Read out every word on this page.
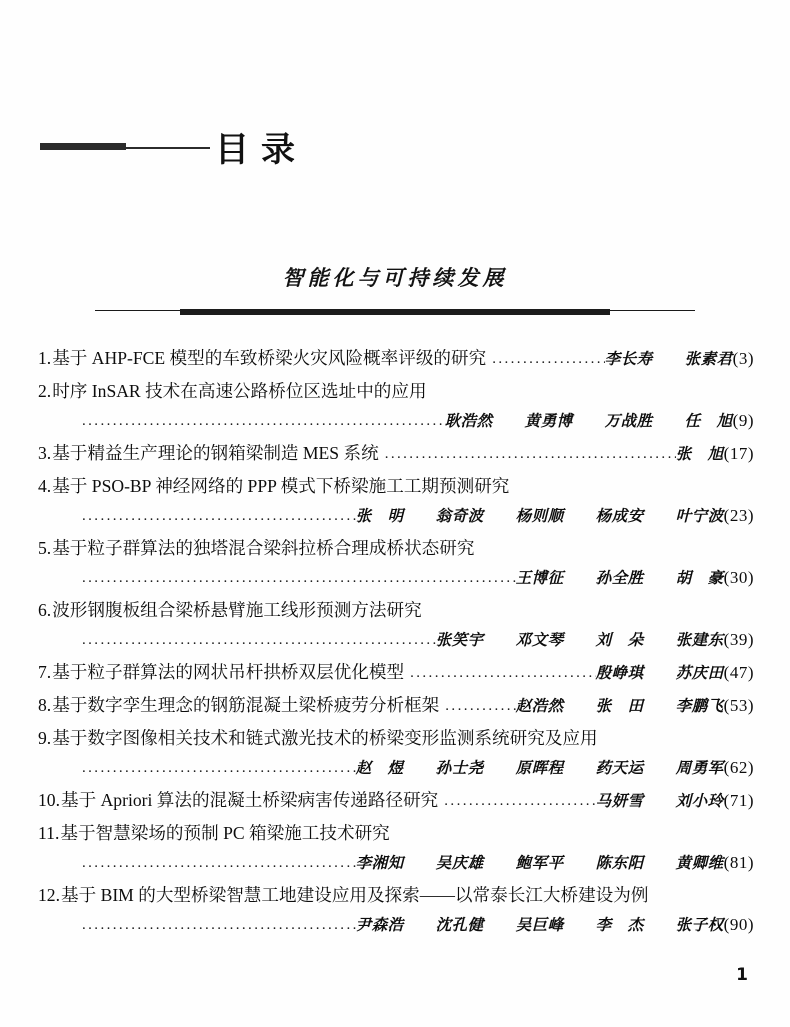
目录
智能化与可持续发展
1. 基于 AHP-FCE 模型的车致桥梁火灾风险概率评级的研究 .....	李长寿　　张素君(3)
2.时序 InSAR 技术在高速公路桥位区选址中的应用
.....
耿浩然　　黄勇博　　万战胜　　任　旭(9)
3. 基于精益生产理论的钢箱梁制造 MES 系统 .....	张　旭(17)
4.基于 PSO-BP 神经网络的 PPP 模式下桥梁施工工期预测研究
.....
张　明　　翁奇波　　杨则顺　　杨成安　　叶宁波(23)
5.基于粒子群算法的独塔混合梁斜拉桥合理成桥状态研究
.....
王博征　　孙全胜　　胡　豪(30)
6.波形钢腹板组合梁桥悬臂施工线形预测方法研究
.....
张笑宇　　邓文琴　　刘　朵　　张建东(39)
7. 基于粒子群算法的网状吊杆拱桥双层优化模型 .....	殷峥琪　　苏庆田(47)
8. 基于数字孪生理念的钢筋混凝土梁桥疲劳分析框架 .....	赵浩然　　张　田　　李鹏飞(53)
9.基于数字图像相关技术和链式激光技术的桥梁变形监测系统研究及应用
.....
赵　煜　　孙士尧　　原晖程　　药天运　　周勇军(62)
10. 基于 Apriori 算法的混凝土桥梁病害传递路径研究 .....	马妍雪　　刘小玲(71)
11.基于智慧梁场的预制 PC 箱梁施工技术研究
.....
李湘知　　吴庆雄　　鲍军平　　陈东阳　　黄卿维(81)
12.基于 BIM 的大型桥梁智慧工地建设应用及探索——以常泰长江大桥建设为例
.....
尹森浩　　沈孔健　　吴巨峰　　李　杰　　张子权(90)
1
